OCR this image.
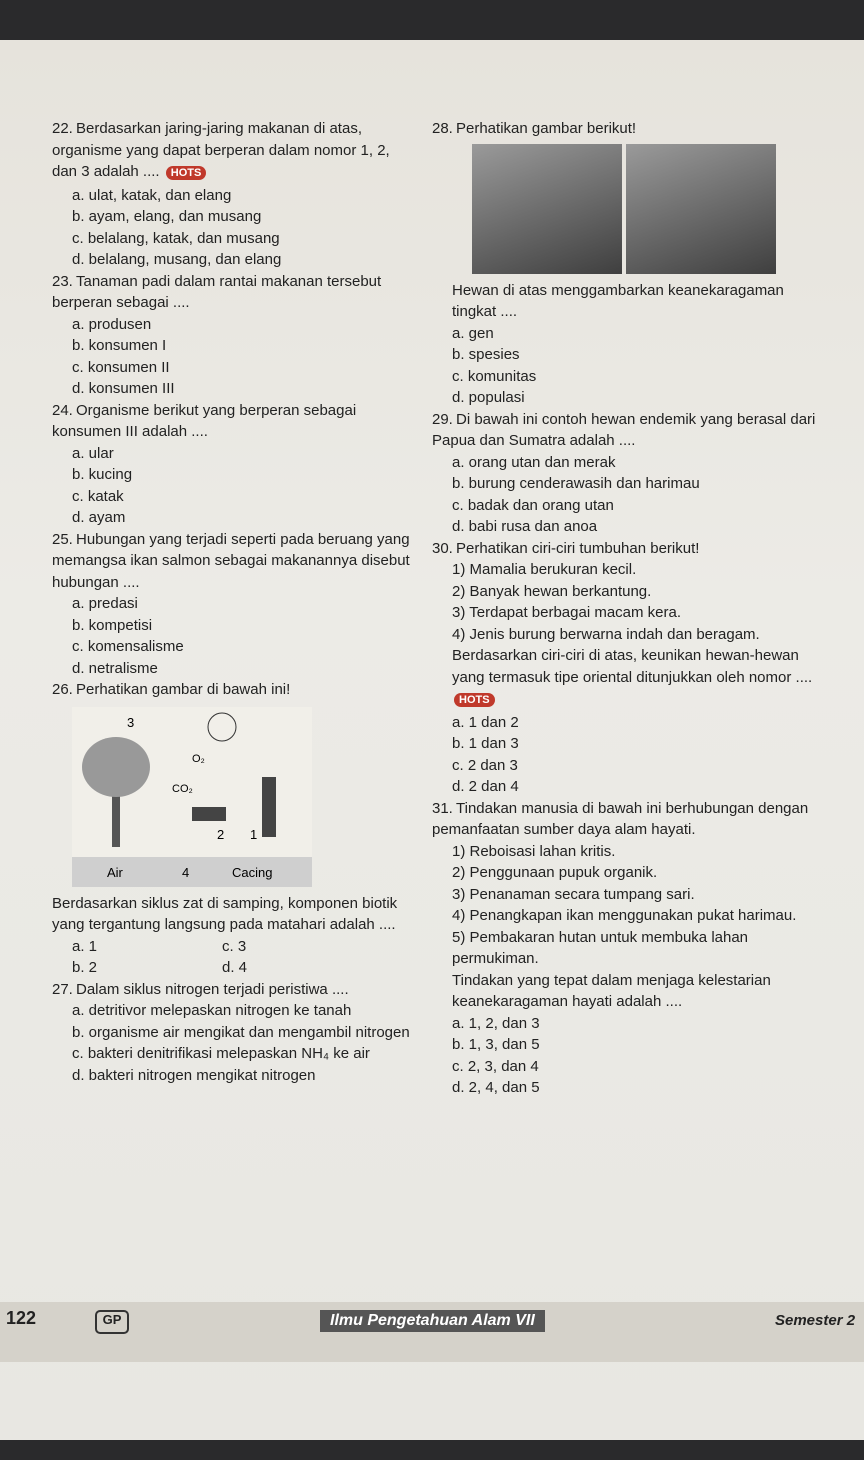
22. Berdasarkan jaring-jaring makanan di atas, organisme yang dapat berperan dalam nomor 1, 2, dan 3 adalah .... HOTS

a. ulat, katak, dan elang
b. ayam, elang, dan musang
c. belalang, katak, dan musang
d. belalang, musang, dan elang

23. Tanaman padi dalam rantai makanan tersebut berperan sebagai ....

a. produsen
b. konsumen I
c. konsumen II
d. konsumen III

24. Organisme berikut yang berperan sebagai konsumen III adalah ....

a. ular
b. kucing
c. katak
d. ayam

25. Hubungan yang terjadi seperti pada beruang yang memangsa ikan salmon sebagai makanannya disebut hubungan ....

a. predasi
b. kompetisi
c. komensalisme
d. netralisme

26. Perhatikan gambar di bawah ini!

3
O₂
CO₂
2 1
Air	4	Cacing
Berdasarkan siklus zat di samping, komponen biotik yang tergantung langsung pada matahari adalah ....
a. 1	c. 3
b. 2	d. 4

27. Dalam siklus nitrogen terjadi peristiwa ....

a. detritivor melepaskan nitrogen ke tanah
b. organisme air mengikat dan mengambil nitrogen
c. bakteri denitrifikasi melepaskan NH₄ ke air
d. bakteri nitrogen mengikat nitrogen

28. Perhatikan gambar berikut!

Hewan di atas menggambarkan keanekaragaman tingkat ....
a. gen
b. spesies
c. komunitas
d. populasi

29. Di bawah ini contoh hewan endemik yang berasal dari Papua dan Sumatra adalah ....

a. orang utan dan merak
b. burung cenderawasih dan harimau
c. badak dan orang utan
d. babi rusa dan anoa

30. Perhatikan ciri-ciri tumbuhan berikut!

1) Mamalia berukuran kecil.
2) Banyak hewan berkantung.
3) Terdapat berbagai macam kera.
4) Jenis burung berwarna indah dan beragam.
Berdasarkan ciri-ciri di atas, keunikan hewan-hewan yang termasuk tipe oriental ditunjukkan oleh nomor .... HOTS
a. 1 dan 2
b. 1 dan 3
c. 2 dan 3
d. 2 dan 4

31. Tindakan manusia di bawah ini berhubungan dengan pemanfaatan sumber daya alam hayati.

1) Reboisasi lahan kritis.
2) Penggunaan pupuk organik.
3) Penanaman secara tumpang sari.
4) Penangkapan ikan menggunakan pukat harimau.
5) Pembakaran hutan untuk membuka lahan permukiman.
Tindakan yang tepat dalam menjaga kelestarian keanekaragaman hayati adalah ....
a. 1, 2, dan 3
b. 1, 3, dan 5
c. 2, 3, dan 4
d. 2, 4, dan 5
122	GP	Ilmu Pengetahuan Alam VII	Semester 2
